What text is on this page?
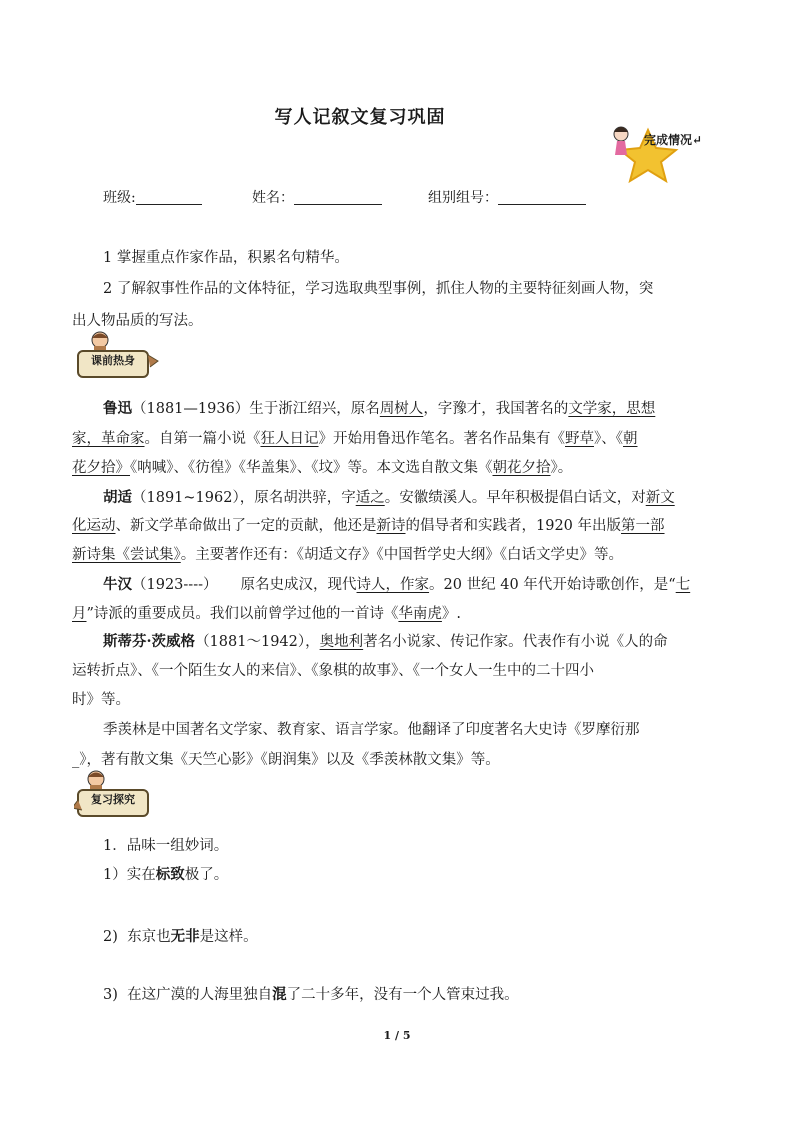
写人记叙文复习巩固
完成情况↵
班级:	姓名：	组别组号：
1 掌握重点作家作品，积累名句精华。
2 了解叙事性作品的文体特征，学习选取典型事例，抓住人物的主要特征刻画人物，突
出人物品质的写法。
课前热身
鲁迅（1881—1936）生于浙江绍兴，原名周树人，字豫才，我国著名的文学家，思想
家，革命家。自第一篇小说《狂人日记》开始用鲁迅作笔名。著名作品集有《野草》、《朝
花夕拾》《呐喊》、《彷徨》《华盖集》、《坟》等。本文选自散文集《朝花夕拾》。
胡适（1891~1962），原名胡洪骍，字适之。安徽绩溪人。早年积极提倡白话文，对新文
化运动、新文学革命做出了一定的贡献，他还是新诗的倡导者和实践者，1920 年出版第一部
新诗集《尝试集》。主要著作还有：《胡适文存》《中国哲学史大纲》《白话文学史》等。
牛汉（1923----）     原名史成汉，现代诗人，作家。20 世纪 40 年代开始诗歌创作，是“七
月”诗派的重要成员。我们以前曾学过他的一首诗《华南虎》.
斯蒂芬·茨威格（1881～1942），奥地利著名小说家、传记作家。代表作有小说《人的命
运转折点》、《一个陌生女人的来信》、《象棋的故事》、《一个女人一生中的二十四小
时》等。
季羡林是中国著名文学家、教育家、语言学家。他翻译了印度著名大史诗《罗摩衍那
_》，著有散文集《天竺心影》《朗润集》以及《季羡林散文集》等。
复习探究
1．品味一组妙词。
1）实在标致极了。
2)  东京也无非是这样。
3)  在这广漠的人海里独自混了二十多年，没有一个人管束过我。
1 / 5
